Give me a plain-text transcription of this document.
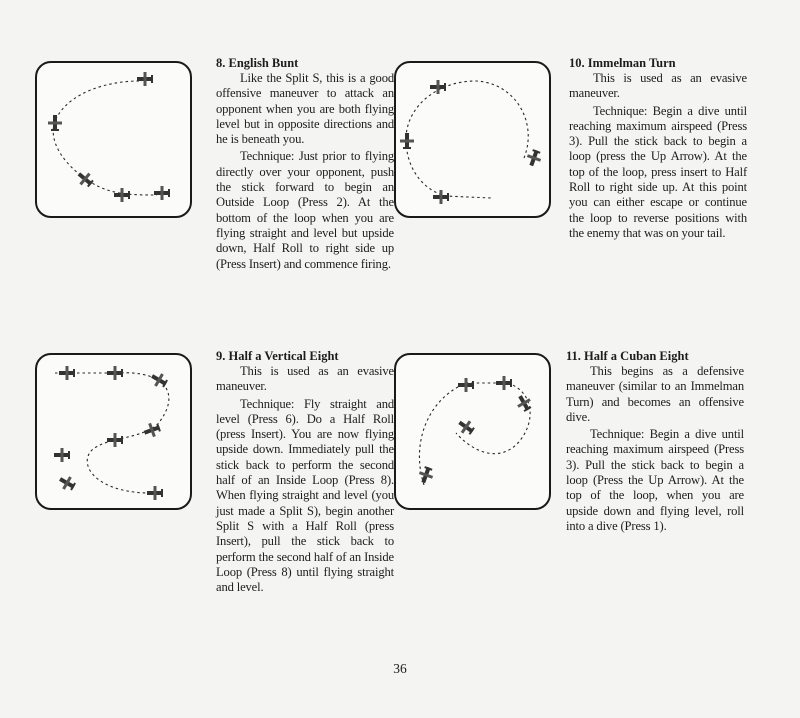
8. English Bunt

Like the Split S, this is a good offensive maneuver to attack an opponent when you are both flying level but in opposite directions and he is beneath you.

Technique: Just prior to flying directly over your opponent, push the stick forward to begin an Outside Loop (Press 2). At the bottom of the loop when you are flying straight and level but upside down, Half Roll to right side up (Press Insert) and commence firing.

10. Immelman Turn

This is used as an evasive maneuver.

Technique: Begin a dive until reaching maximum airspeed (Press 3). Pull the stick back to begin a loop (press the Up Arrow). At the top of the loop, press insert to Half Roll to right side up. At this point you can either escape or continue the loop to reverse positions with the enemy that was on your tail.

9. Half a Vertical Eight

This is used as an evasive maneuver.

Technique: Fly straight and level (Press 6). Do a Half Roll (press Insert). You are now flying upside down. Immediately pull the stick back to perform the second half of an Inside Loop (Press 8). When flying straight and level (you just made a Split S), begin another Split S with a Half Roll (press Insert), pull the stick back to perform the second half of an Inside Loop (Press 8) until flying straight and level.

11. Half a Cuban Eight

This begins as a defensive maneuver (similar to an Immelman Turn) and becomes an offensive dive.

Technique: Begin a dive until reaching maximum airspeed (Press 3). Pull the stick back to begin a loop (Press the Up Arrow). At the top of the loop, when you are upside down and flying level, roll into a dive (Press 1).

36
